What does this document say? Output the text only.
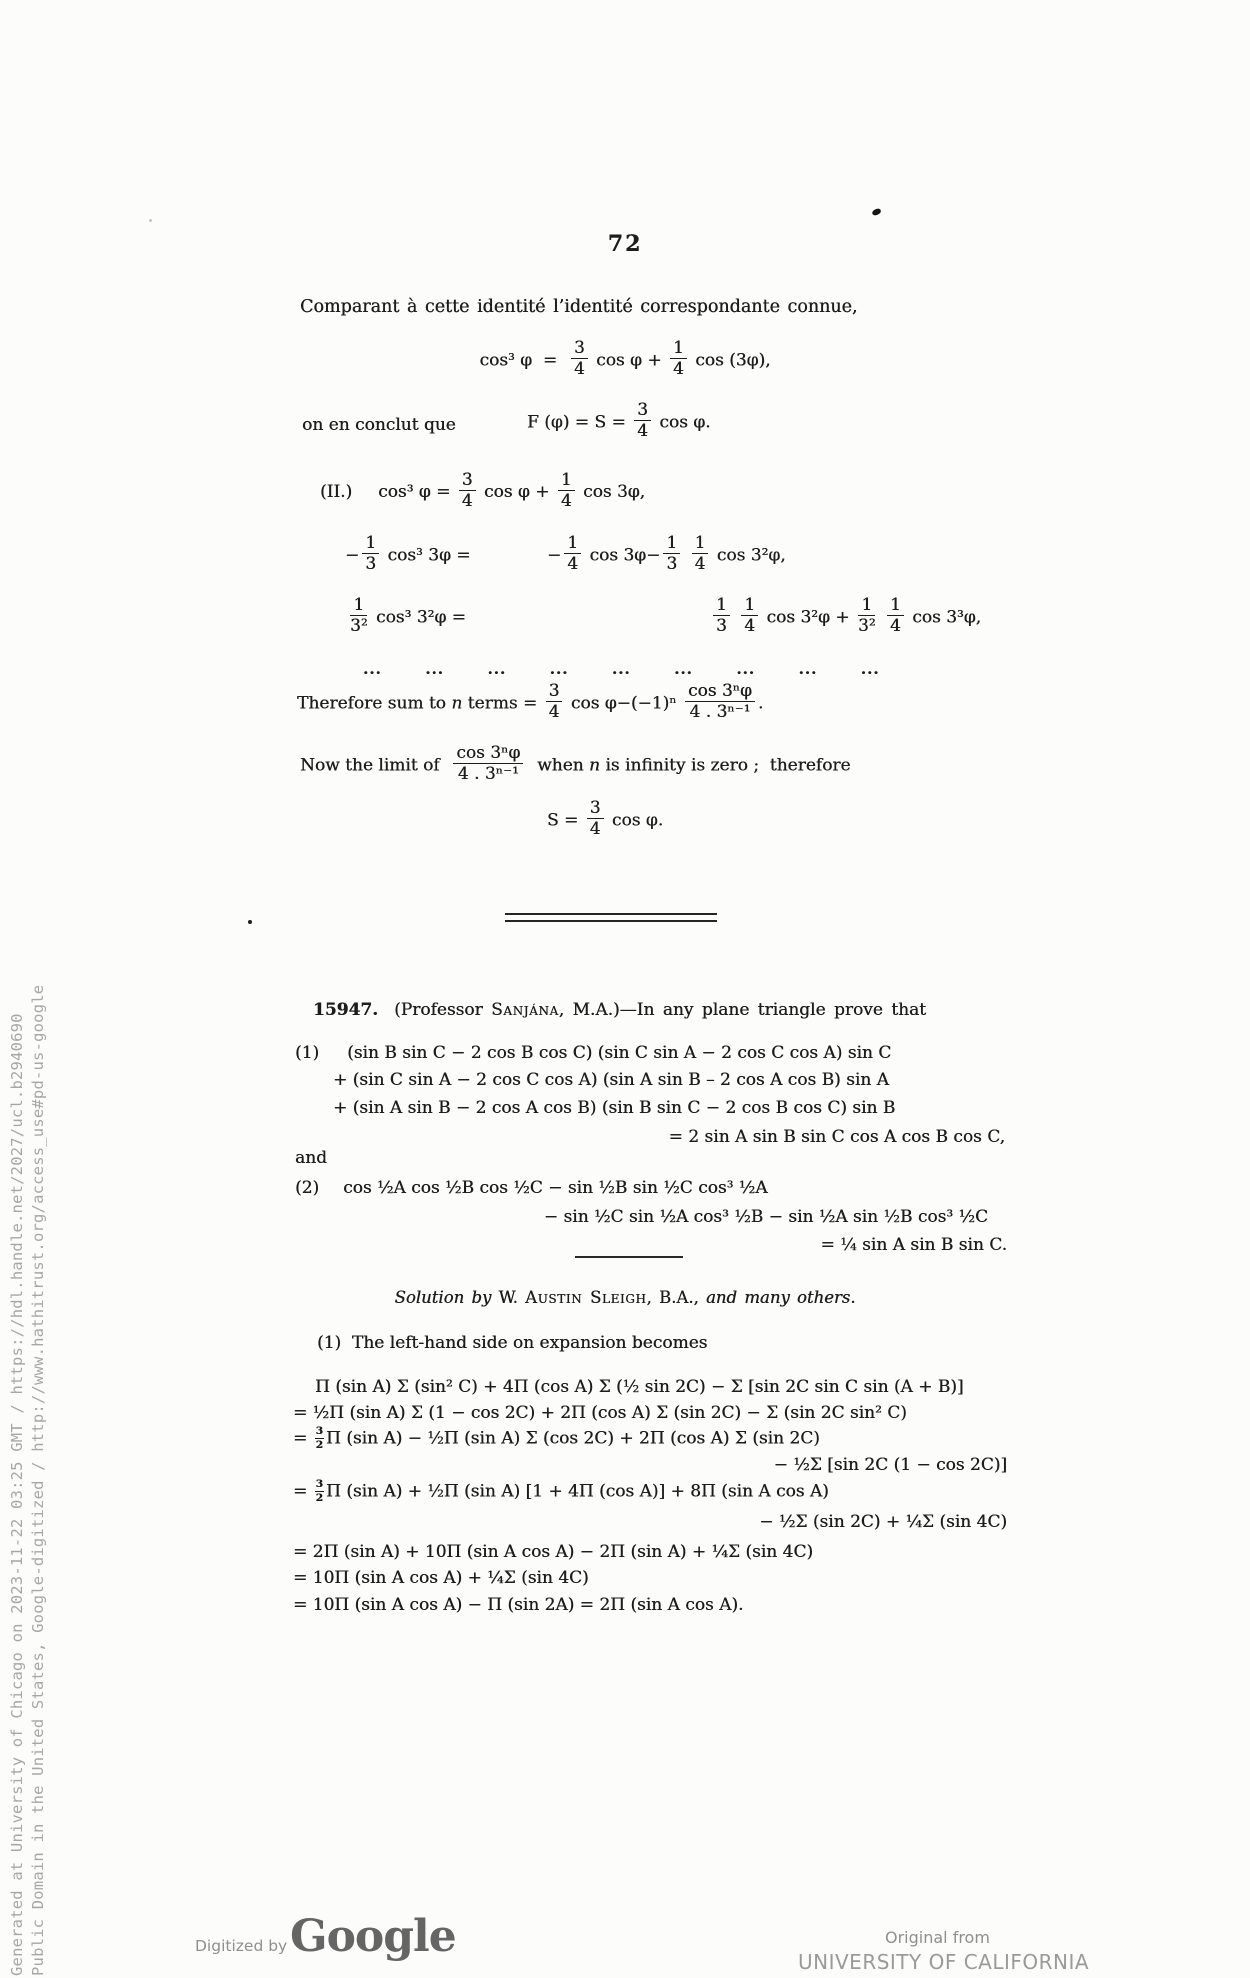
Generated at University of Chicago on 2023-11-22 03:25 GMT / https://hdl.handle.net/2027/ucl.b2940690 Public Domain in the United States, Google-digitized / http://www.hathitrust.org/access_use#pd-us-google
72
Comparant à cette identité l’identité correspondante connue,
cos³ $\varphi = \frac{3}{4}$ $\cos \varphi + \frac{1}{4}$ cos (3φ),
on en conclut que	F $(\varphi) = S = \frac{3}{4}$ cos φ.
(II.) cos³ $\varphi = \frac{3}{4}$ $\cos \varphi + \frac{1}{4}$ cos 3φ,
− $\frac{1}{3} \cos^3$ 3φ =	− $\frac{1}{4}$ $\cos 3\varphi- \frac{1}{3}$
$\frac{1}{4}$ cos 3²φ,
$\frac{1}{\text{3²}} \cos^3$ 3²φ =	$\frac{1}{3}$
$\frac{1}{4}$ $\cos 3^2\varphi + \frac{1}{\text{3²}}$
$\frac{1}{4}$ cos 3³φ,
...       ...       ...       ...       ...       ...       ...       ...       ...
Therefore sum to n terms = $\frac{3}{4}$ $\cos \varphi-(-1)^n \frac{\text{cos 3ⁿφ}}{\text{4 . 3ⁿ⁻¹}}$ .
Now the limit of $\frac{\text{cos 3ⁿφ}}{\text{4 . 3ⁿ⁻¹}}$ when n is infinity is zero ;  therefore
$S = \frac{3}{4}$ cos φ.
15947. (Professor Sanjána, M.A.)—In any plane triangle prove that
(1) (sin B sin C − 2 cos B cos C) (sin C sin A − 2 cos C cos A) sin C
+ (sin C sin A − 2 cos C cos A) (sin A sin B – 2 cos A cos B) sin A
+ (sin A sin B − 2 cos A cos B) (sin B sin C − 2 cos B cos C) sin B
= 2 sin A sin B sin C cos A cos B cos C,
and
(2) cos ½A cos ½B cos ½C − sin ½B sin ½C cos³ ½A
− sin ½C sin ½A cos³ ½B − sin ½A sin ½B cos³ ½C
= ¼ sin A sin B sin C.
Solution by W. Austin Sleigh, B.A., and many others.
(1)  The left-hand side on expansion becomes
Π (sin A) Σ (sin² C) + 4Π (cos A) Σ (½ sin 2C) − Σ [sin 2C sin C sin (A + B)]
= ½Π (sin A) Σ (1 − cos 2C) + 2Π (cos A) Σ (sin 2C) − Σ (sin 2C sin² C)
= $\frac{3}{2}$ Π (sin A) − ½Π (sin A) Σ (cos 2C) + 2Π (cos A) Σ (sin 2C)
− ½Σ [sin 2C (1 − cos 2C)]
= $\frac{3}{2}$ Π (sin A) + ½Π (sin A) [1 + 4Π (cos A)] + 8Π (sin A cos A)
− ½Σ (sin 2C) + ¼Σ (sin 4C)
= 2Π (sin A) + 10Π (sin A cos A) − 2Π (sin A) + ¼Σ (sin 4C)
= 10Π (sin A cos A) + ¼Σ (sin 4C)
= 10Π (sin A cos A) − Π (sin 2A) = 2Π (sin A cos A).
Digitized by Google	Original from
UNIVERSITY OF CALIFORNIA
